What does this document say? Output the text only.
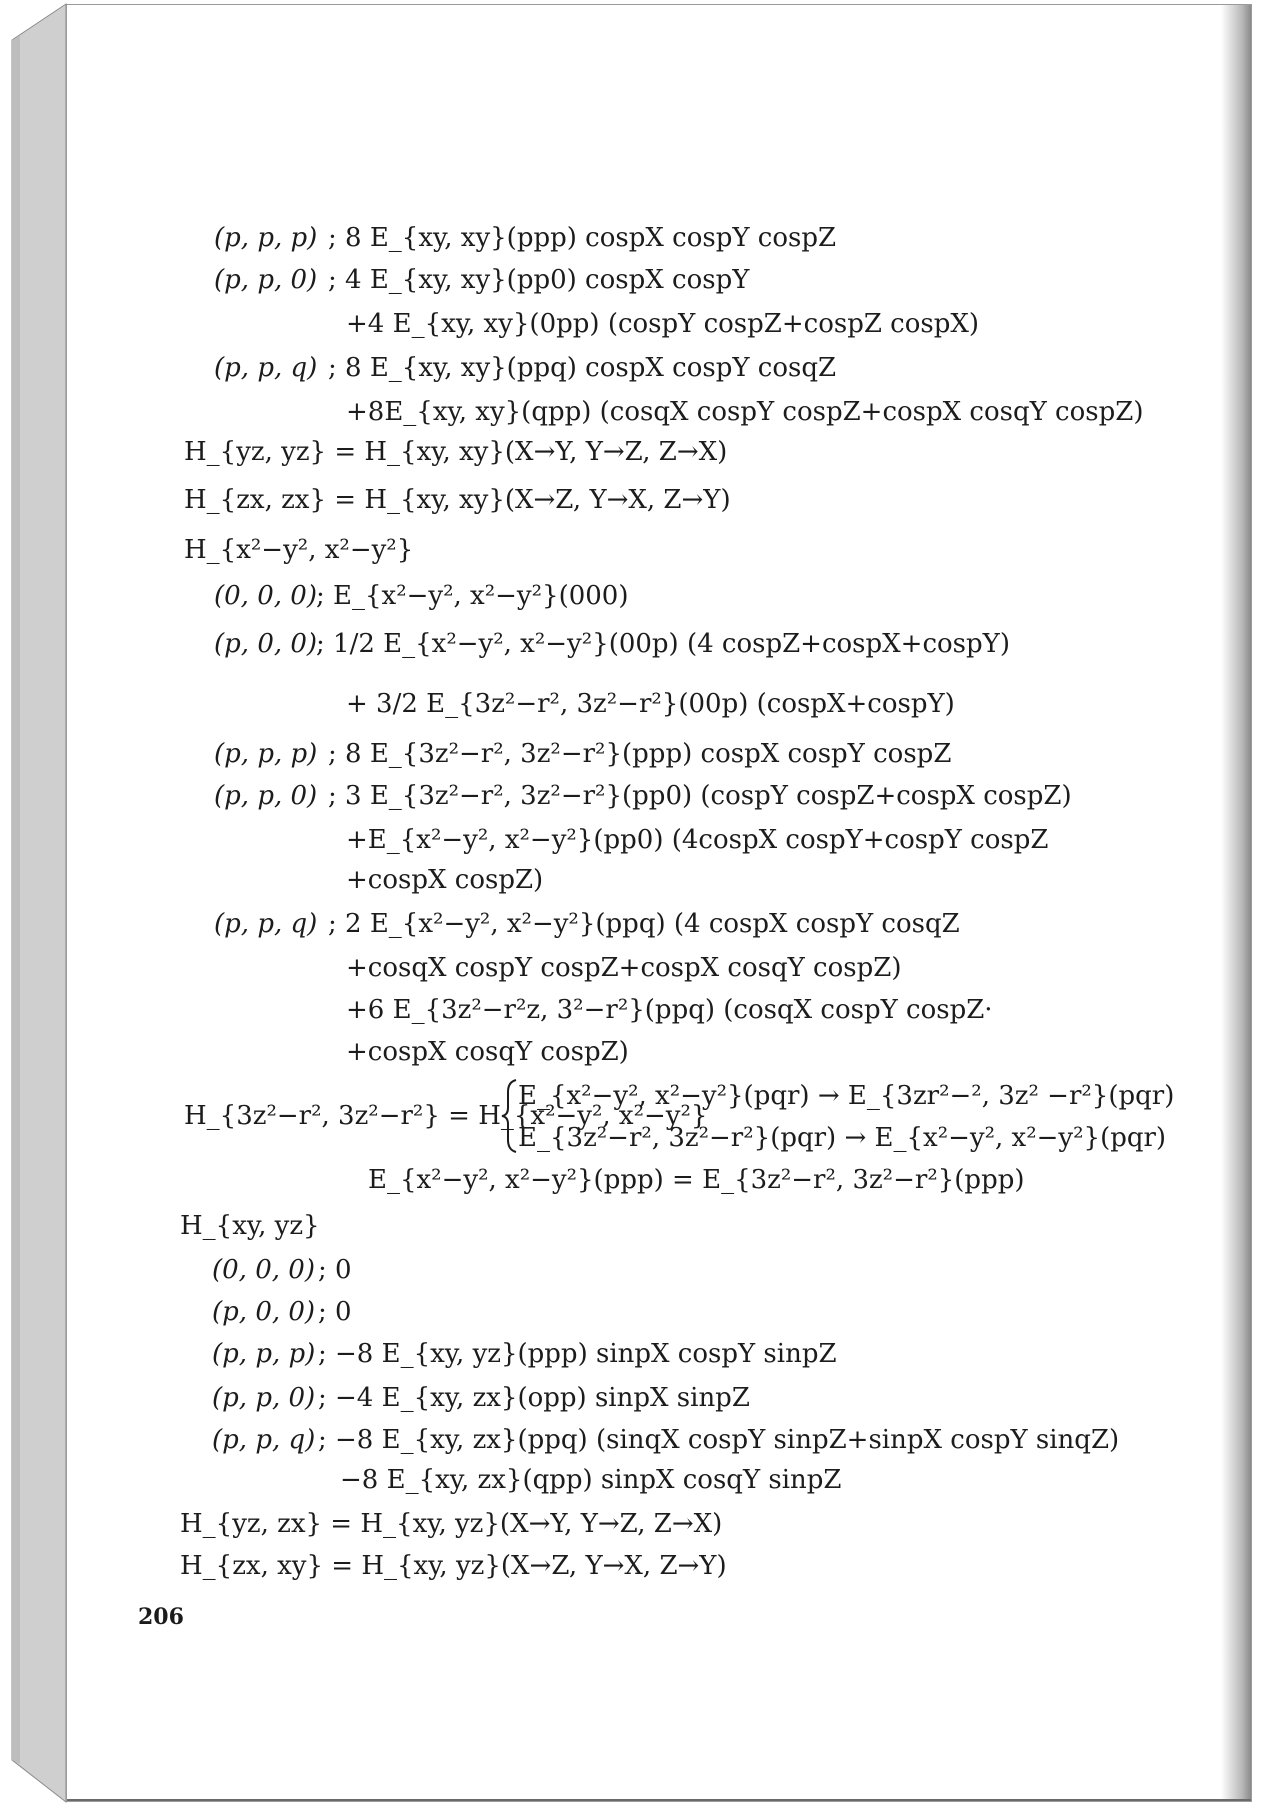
(p, p, p) ; 8 E_{xy, xy}(ppp) cospX cospY cospZ
(p, p, 0) ; 4 E_{xy, xy}(pp0) cospX cospY
+4 E_{xy, xy}(0pp) (cospY cospZ+cospZ cospX)
(p, p, q) ; 8 E_{xy, xy}(ppq) cospX cospY cosqZ
+8E_{xy, xy}(qpp) (cosqX cospY cospZ+cospX cosqY cospZ)
H_{yz, yz} = H_{xy, xy}(X→Y, Y→Z, Z→X)
H_{zx, zx} = H_{xy, xy}(X→Z, Y→X, Z→Y)
H_{x²−y², x²−y²}
(0, 0, 0) ; E_{x²−y², x²−y²}(000)
(p, 0, 0)
; 1/2 E_{x²−y², x²−y²}(00p) (4 cospZ+cospX+cospY)
+ 3/2 E_{3z²−r², 3z²−r²}(00p) (cospX+cospY)
(p, p, p) ; 8 E_{3z²−r², 3z²−r²}(ppp) cospX cospY cospZ
(p, p, 0) ; 3 E_{3z²−r², 3z²−r²}(pp0) (cospY cospZ+cospX cospZ)
+E_{x²−y², x²−y²}(pp0) (4cospX cospY+cospY cospZ
+cospX cospZ)
(p, p, q) ; 2 E_{x²−y², x²−y²}(ppq) (4 cospX cospY cosqZ
+cosqX cospY cospZ+cospX cosqY cospZ)
+6 E_{3z²−r²z, 3²−r²}(ppq) (cosqX cospY cospZ·
+cospX cosqY cospZ)
E_{x²−y², x²−y²}(pqr) → E_{3zr²−², 3z² −r²}(pqr)
H_{3z²−r², 3z²−r²} = H_{x²−y², x²−y²}
E_{3z²−r², 3z²−r²}(pqr) → E_{x²−y², x²−y²}(pqr)
E_{x²−y², x²−y²}(ppp) = E_{3z²−r², 3z²−r²}(ppp)
H_{xy, yz}
(0, 0, 0) ; 0
(p, 0, 0) ; 0
(p, p, p) ; −8 E_{xy, yz}(ppp) sinpX cospY sinpZ
(p, p, 0) ; −4 E_{xy, zx}(opp) sinpX sinpZ
(p, p, q) ; −8 E_{xy, zx}(ppq) (sinqX cospY sinpZ+sinpX cospY sinqZ)
−8 E_{xy, zx}(qpp) sinpX cosqY sinpZ
H_{yz, zx} = H_{xy, yz}(X→Y, Y→Z, Z→X)
H_{zx, xy} = H_{xy, yz}(X→Z, Y→X, Z→Y)
206
